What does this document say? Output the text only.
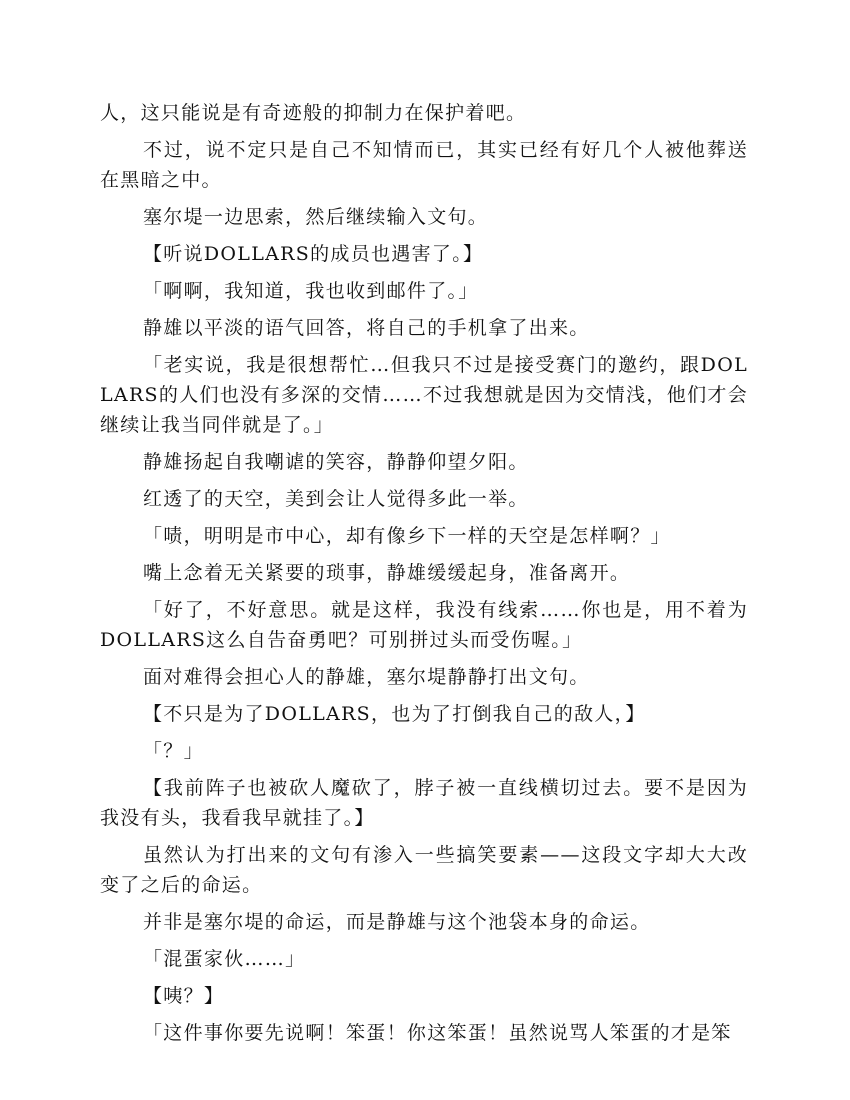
人，这只能说是有奇迹般的抑制力在保护着吧。

不过，说不定只是自己不知情而已，其实已经有好几个人被他葬送在黑暗之中。

塞尔堤一边思索，然后继续输入文句。

【听说DOLLARS的成员也遇害了。】

「啊啊，我知道，我也收到邮件了。」

静雄以平淡的语气回答，将自己的手机拿了出来。

「老实说，我是很想帮忙…但我只不过是接受赛门的邀约，跟DOLLARS的人们也没有多深的交情……不过我想就是因为交情浅，他们才会继续让我当同伴就是了。」

静雄扬起自我嘲谑的笑容，静静仰望夕阳。

红透了的天空，美到会让人觉得多此一举。

「啧，明明是市中心，却有像乡下一样的天空是怎样啊？」

嘴上念着无关紧要的琐事，静雄缓缓起身，准备离开。

「好了，不好意思。就是这样，我没有线索……你也是，用不着为DOLLARS这么自告奋勇吧？可别拼过头而受伤喔。」

面对难得会担心人的静雄，塞尔堤静静打出文句。

【不只是为了DOLLARS，也为了打倒我自己的敌人，】

「？」

【我前阵子也被砍人魔砍了，脖子被一直线横切过去。要不是因为我没有头，我看我早就挂了。】

虽然认为打出来的文句有渗入一些搞笑要素——这段文字却大大改变了之后的命运。

并非是塞尔堤的命运，而是静雄与这个池袋本身的命运。

「混蛋家伙……」

【咦？】

「这件事你要先说啊！笨蛋！你这笨蛋！虽然说骂人笨蛋的才是笨
